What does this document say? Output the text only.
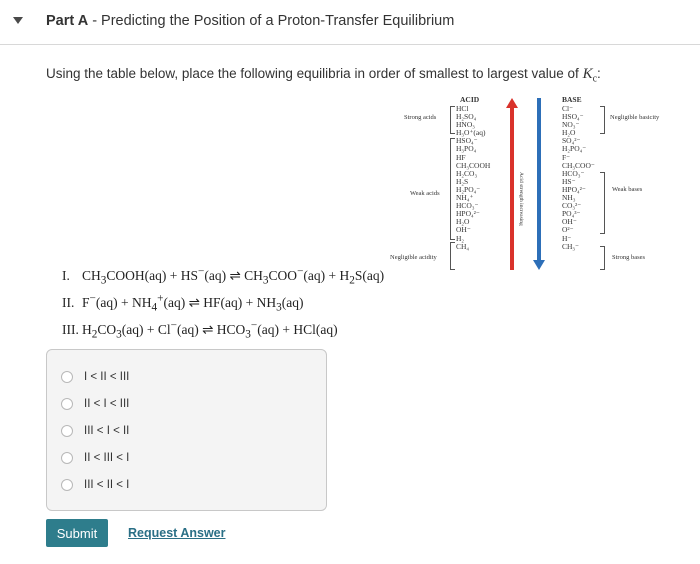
Part A - Predicting the Position of a Proton-Transfer Equilibrium
Using the table below, place the following equilibria in order of smallest to largest value of $K_c$:
ACID
HCl
H₂SO₄
HNO₃
H₃O⁺(aq)
HSO₄⁻
H₃PO₄
HF
CH₃COOH
H₂CO₃
H₂S
H₂PO₄⁻
NH₄⁺
HCO₃⁻
HPO₄²⁻
H₂O
OH⁻
H₂
CH₄
Strong acids
Weak acids
Negligible acidity
Acid strength increasing
BASE
Cl⁻
HSO₄⁻
NO₃⁻
H₂O
SO₄²⁻
H₂PO₄⁻
F⁻
CH₃COO⁻
HCO₃⁻
HS⁻
HPO₄²⁻
NH₃
CO₃²⁻
PO₄³⁻
OH⁻
O²⁻
H⁻
CH₃⁻
Negligible basicity
Weak bases
Strong bases
I. $CH_3COOH(aq) + HS^-(aq)$ ⇌ $CH_3COO^-(aq) + H_2S(aq)$
II. $F^-(aq) + NH_4^+(aq)$ ⇌ $HF(aq) + NH_3(aq)$
III. $H_2CO_3(aq) + Cl^-(aq)$ ⇌ $HCO_3^-(aq) + HCl(aq)$
I < II < III
II < I < III
III < I < II
II < III < I
III < II < I
Submit	Request Answer
